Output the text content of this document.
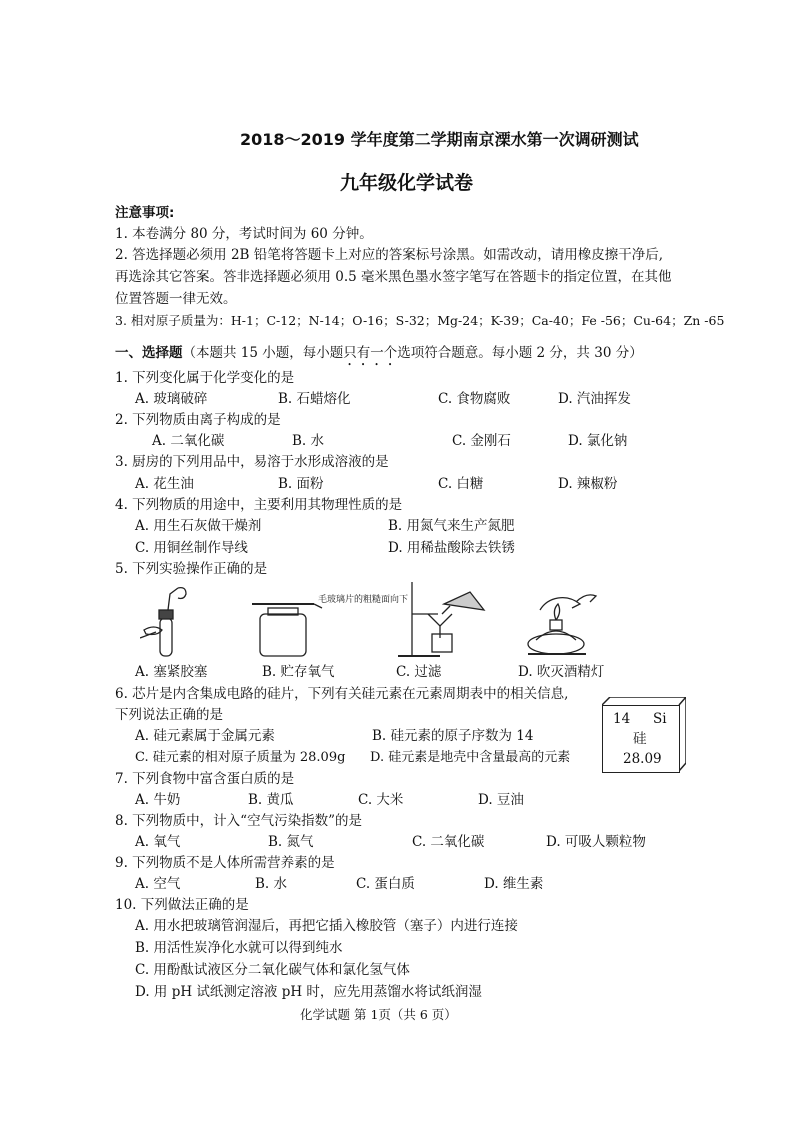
2018～2019 学年度第二学期南京溧水第一次调研测试
九年级化学试卷
注意事项:
1. 本卷满分 80 分，考试时间为 60 分钟。
2. 答选择题必须用 2B 铅笔将答题卡上对应的答案标号涂黑。如需改动，请用橡皮擦干净后,
再选涂其它答案。答非选择题必须用 0.5 毫米黑色墨水签字笔写在答题卡的指定位置，在其他
位置答题一律无效。
3. 相对原子质量为：H-1；C-12；N-14；O-16；S-32；Mg-24；K-39；Ca-40；Fe -56；Cu-64；Zn -65
一、选择题（本题共 15 小题，每小题只有一个选项符合题意。每小题 2 分，共 30 分）
1. 下列变化属于化学变化的是
A. 玻璃破碎	B. 石蜡熔化	C. 食物腐败	D. 汽油挥发
2. 下列物质由离子构成的是
A. 二氧化碳	B. 水	C. 金刚石	D. 氯化钠
3. 厨房的下列用品中，易溶于水形成溶液的是
A. 花生油	B. 面粉	C. 白糖	D. 辣椒粉
4. 下列物质的用途中，主要利用其物理性质的是
A. 用生石灰做干燥剂	B. 用氮气来生产氮肥
C. 用铜丝制作导线	D. 用稀盐酸除去铁锈
5. 下列实验操作正确的是
毛玻璃片的粗糙面向下
A. 塞紧胶塞	B. 贮存氧气	C. 过滤	D. 吹灭酒精灯
6. 芯片是内含集成电路的硅片，下列有关硅元素在元素周期表中的相关信息,
下列说法正确的是
A. 硅元素属于金属元素	B. 硅元素的原子序数为 14
C. 硅元素的相对原子质量为 28.09g D. 硅元素是地壳中含量最高的元素
14 Si
硅
28.09
7. 下列食物中富含蛋白质的是
A. 牛奶	B. 黄瓜	C. 大米	D. 豆油
8. 下列物质中，计入“空气污染指数”的是
A. 氧气	B. 氮气	C. 二氧化碳	D. 可吸人颗粒物
9. 下列物质不是人体所需营养素的是
A. 空气	B. 水	C. 蛋白质	D. 维生素
10. 下列做法正确的是
A. 用水把玻璃管润湿后，再把它插入橡胶管（塞子）内进行连接
B. 用活性炭净化水就可以得到纯水
C. 用酚酞试液区分二氧化碳气体和氯化氢气体
D. 用 pH 试纸测定溶液 pH 时，应先用蒸馏水将试纸润湿
化学试题 第 1页（共 6 页）
